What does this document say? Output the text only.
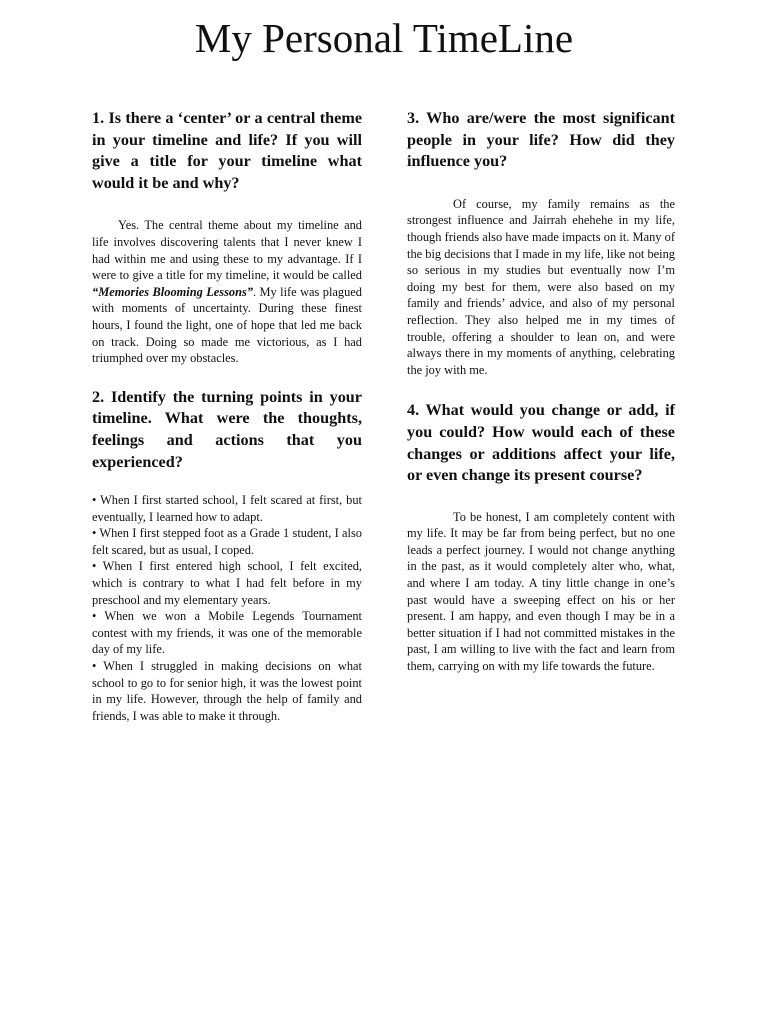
My Personal TimeLine

1. Is there a ‘center’ or a central theme in your timeline and life? If you will give a title for your timeline what would it be and why?

Yes. The central theme about my timeline and life involves discovering talents that I never knew I had within me and using these to my advantage. If I were to give a title for my timeline, it would be called “Memories Blooming Lessons”. My life was plagued with moments of uncertainty. During these finest hours, I found the light, one of hope that led me back on track. Doing so made me victorious, as I had triumphed over my obstacles.

2. Identify the turning points in your timeline. What were the thoughts, feelings and actions that you experienced?

• When I first started school, I felt scared at first, but eventually, I learned how to adapt.
• When I first stepped foot as a Grade 1 student, I also felt scared, but as usual, I coped.
• When I first entered high school, I felt excited, which is contrary to what I had felt before in my preschool and my elementary years.
• When we won a Mobile Legends Tournament contest with my friends, it was one of the memorable day of my life.
• When I struggled in making decisions on what school to go to for senior high, it was the lowest point in my life. However, through the help of family and friends, I was able to make it through.

3. Who are/were the most significant people in your life? How did they influence you?

Of course, my family remains as the strongest influence and Jairrah ehehehe in my life, though friends also have made impacts on it. Many of the big decisions that I made in my life, like not being so serious in my studies but eventually now I’m doing my best for them, were also based on my family and friends’ advice, and also of my personal reflection. They also helped me in my times of trouble, offering a shoulder to lean on, and were always there in my moments of anything, celebrating the joy with me.

4. What would you change or add, if you could? How would each of these changes or additions affect your life, or even change its present course?

To be honest, I am completely content with my life. It may be far from being perfect, but no one leads a perfect journey. I would not change anything in the past, as it would completely alter who, what, and where I am today. A tiny little change in one’s past would have a sweeping effect on his or her present. I am happy, and even though I may be in a better situation if I had not committed mistakes in the past, I am willing to live with the fact and learn from them, carrying on with my life towards the future.
